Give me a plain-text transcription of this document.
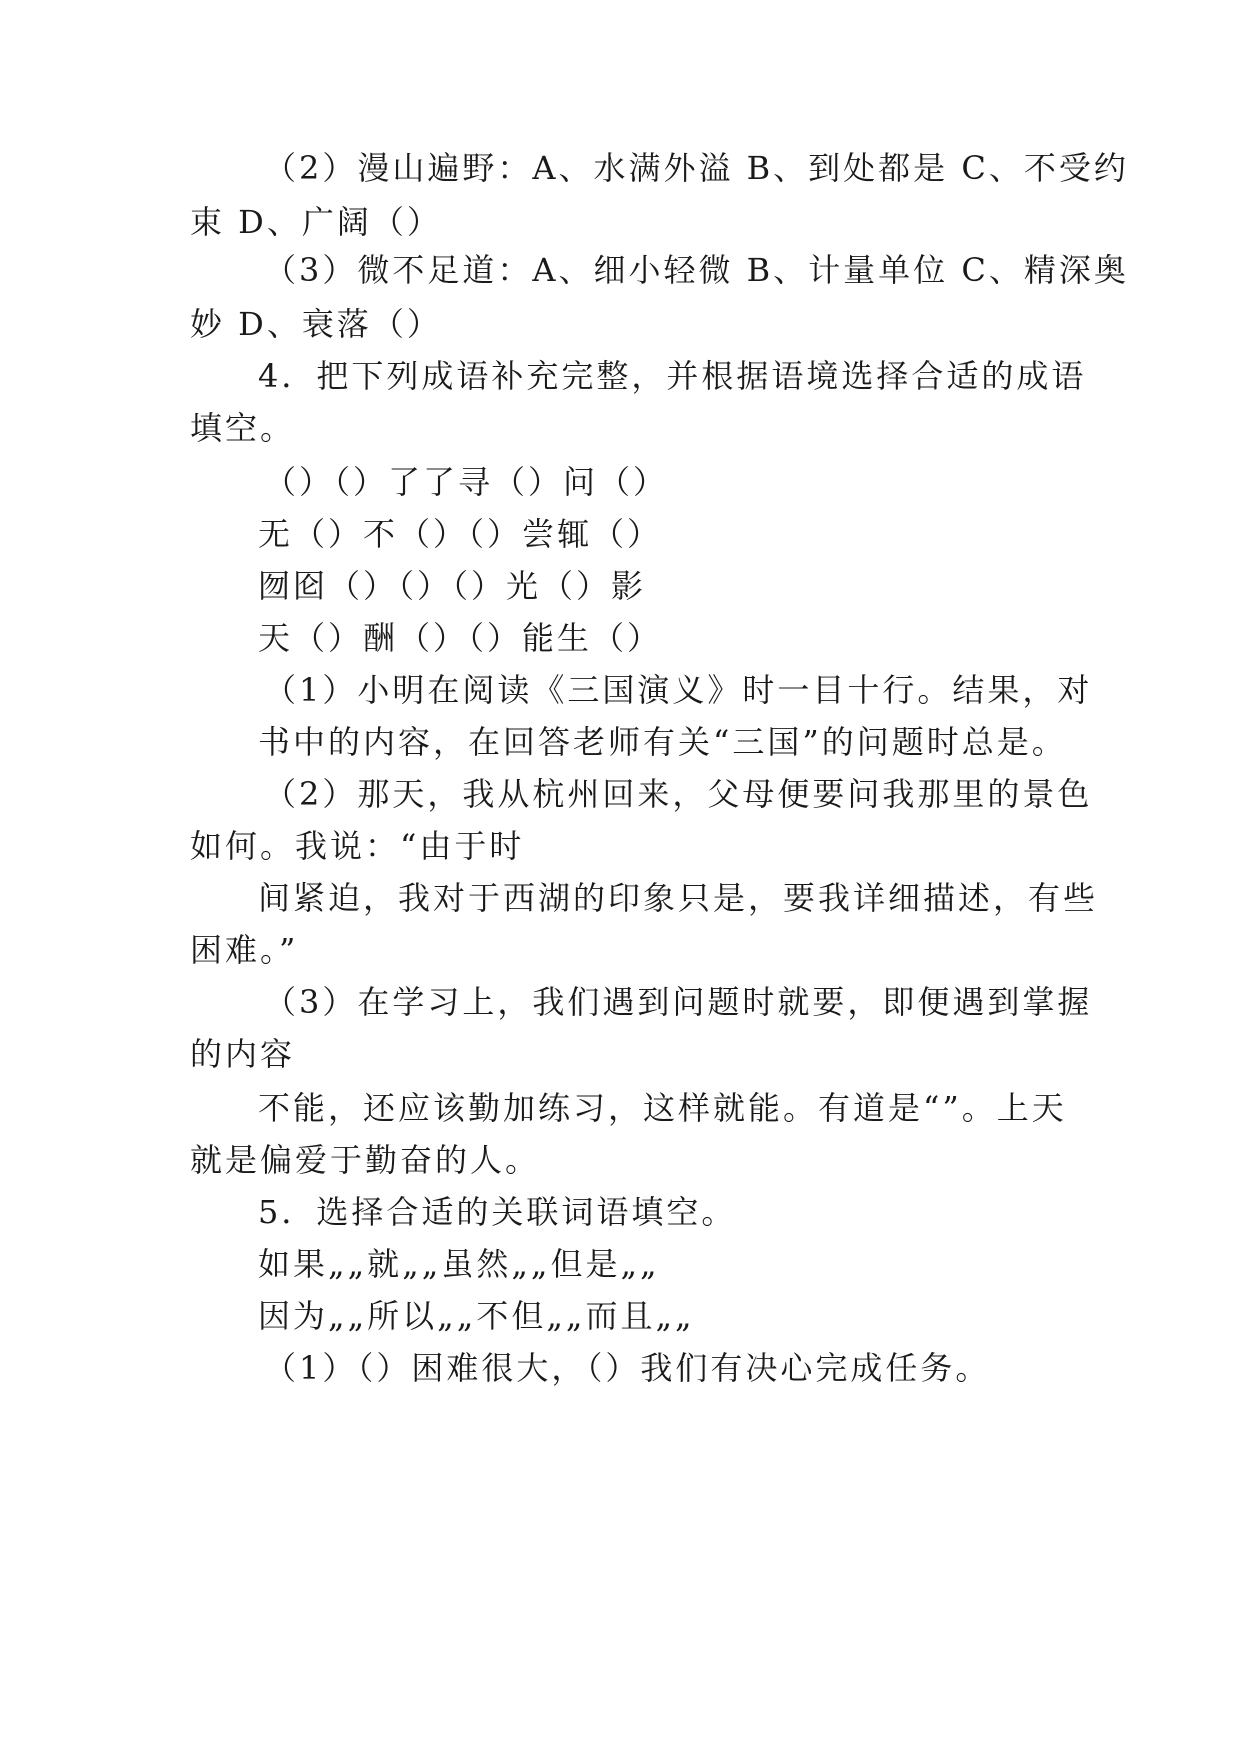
（2）漫山遍野：A、水满外溢 B、到处都是 C、不受约
束 D、广阔（）
（3）微不足道：A、细小轻微 B、计量单位 C、精深奥
妙 D、衰落（）
4．把下列成语补充完整，并根据语境选择合适的成语
填空。
（）（）了了寻（）问（）
无（）不（）（）尝辄（）
囫囵（）（）（）光（）影
天（）酬（）（）能生（）
（1）小明在阅读《三国演义》时一目十行。结果，对
书中的内容，在回答老师有关“三国”的问题时总是。
（2）那天，我从杭州回来，父母便要问我那里的景色
如何。我说：“由于时
间紧迫，我对于西湖的印象只是，要我详细描述，有些
困难。”
（3）在学习上，我们遇到问题时就要，即便遇到掌握
的内容
不能，还应该勤加练习，这样就能。有道是“”。上天
就是偏爱于勤奋的人。
5．选择合适的关联词语填空。
如果„„就„„虽然„„但是„„
因为„„所以„„不但„„而且„„
（1）（）困难很大，（）我们有决心完成任务。
